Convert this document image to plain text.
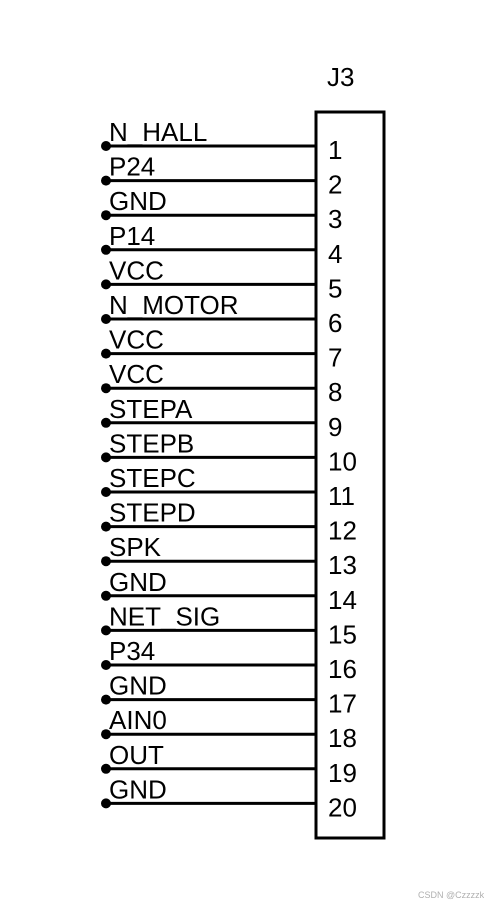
J3
N_HALL
1
P24
2
GND
3
P14
4
VCC
5
N_MOTOR
6
VCC
7
VCC
8
STEPA
9
STEPB
10
STEPC
11
STEPD
12
SPK
13
GND
14
NET_SIG
15
P34
16
GND
17
AIN0
18
OUT
19
GND
20
CSDN @Czzzzk
